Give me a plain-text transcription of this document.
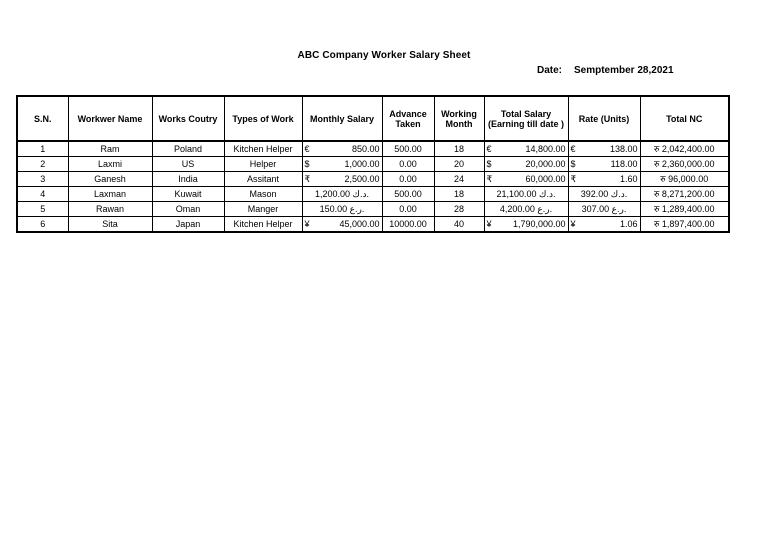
ABC Company Worker Salary Sheet
Date: Semptember 28,2021
S.N.	Workwer Name	Works Coutry	Types of Work	Monthly Salary	Advance Taken	Working Month	Total Salary (Earning till date )	Rate (Units)	Total NC
1	Ram	Poland	Kitchen Helper	€ 850.00	500.00	18	€ 14,800.00	€ 138.00	रु 2,042,400.00
2	Laxmi	US	Helper	$ 1,000.00	0.00	20	$ 20,000.00	$ 118.00	रु 2,360,000.00
3	Ganesh	India	Assitant	₹ 2,500.00	0.00	24	₹ 60,000.00	₹ 1.60	रु 96,000.00
4	Laxman	Kuwait	Mason	1,200.00 د.ك.	500.00	18	21,100.00 د.ك.	392.00 د.ك.	रु 8,271,200.00
5	Rawan	Oman	Manger	150.00 ر.ع.	0.00	28	4,200.00 ر.ع.	307.00 ر.ع.	रु 1,289,400.00
6	Sita	Japan	Kitchen Helper	¥ 45,000.00	10000.00	40	¥ 1,790,000.00	¥ 1.06	रु 1,897,400.00
